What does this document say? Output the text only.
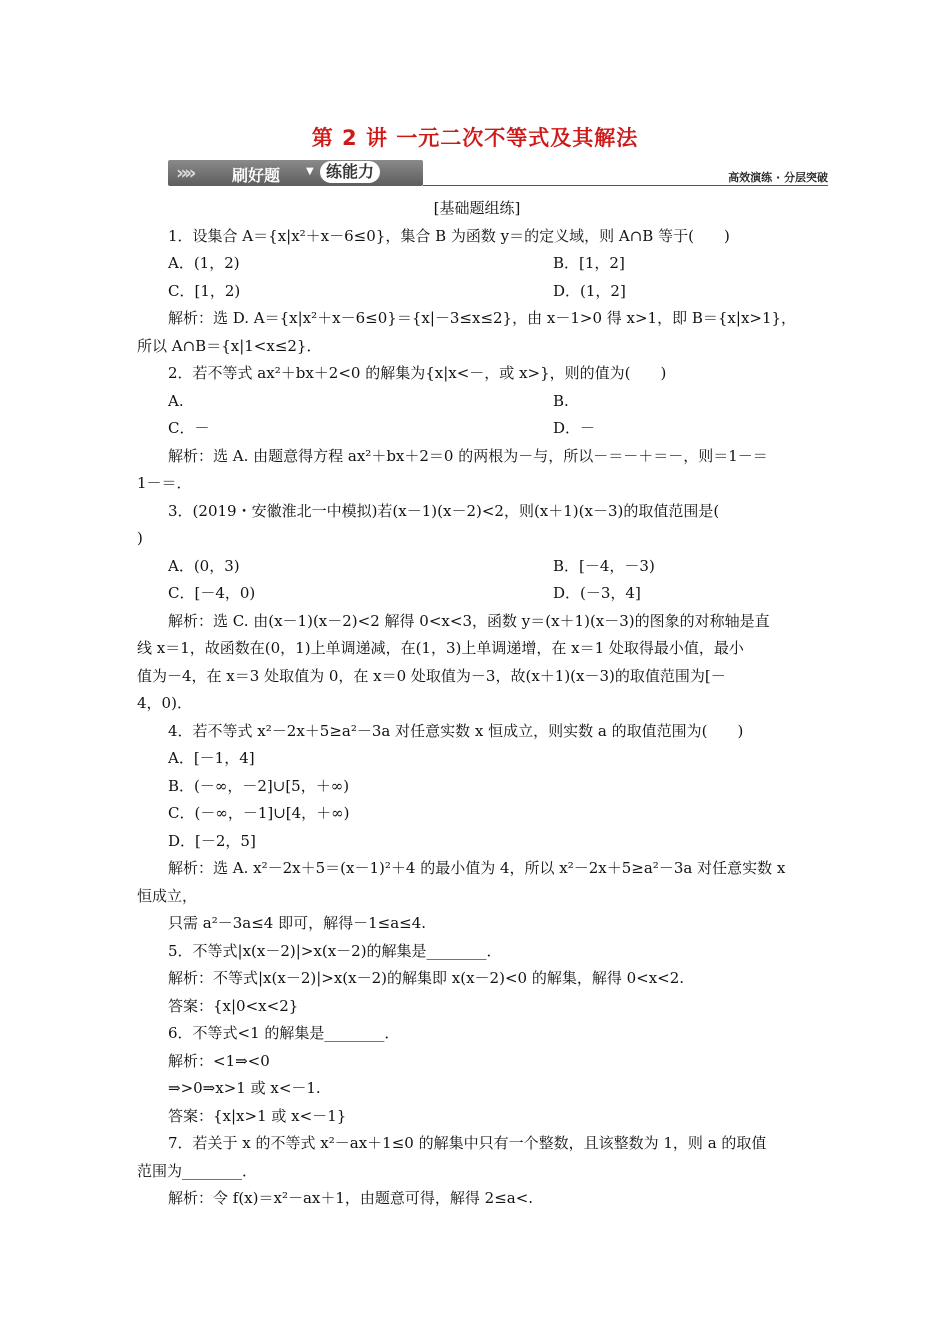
第 2 讲 一元二次不等式及其解法
»» 刷好题	▼ 练能力	高效演练 · 分层突破

[基础题组练]

1．设集合 A＝{x|x²＋x－6≤0}，集合 B 为函数 y＝的定义域，则 A∩B 等于(　　)

A．(1，2)	B．[1，2]
C．[1，2)	D．(1，2]

解析：选 D. A＝{x|x²＋x－6≤0}＝{x|－3≤x≤2}，由 x－1>0 得 x>1，即 B＝{x|x>1}，

所以 A∩B＝{x|1<x≤2}．

2．若不等式 ax²＋bx＋2<0 的解集为{x|x<－，或 x>}，则的值为(　　)

A.	B.
C．－	D．－

解析：选 A. 由题意得方程 ax²＋bx＋2＝0 的两根为－与，所以－＝－＋＝－，则＝1－＝

1－＝．

3．(2019・安徽淮北一中模拟)若(x－1)(x－2)<2，则(x＋1)(x－3)的取值范围是(

)

A．(0，3)	B．[－4，－3)
C．[－4，0)	D．(－3，4]

解析：选 C. 由(x－1)(x－2)<2 解得 0<x<3，函数 y＝(x＋1)(x－3)的图象的对称轴是直

线 x＝1，故函数在(0，1)上单调递减，在(1，3)上单调递增，在 x＝1 处取得最小值，最小

值为－4，在 x＝3 处取值为 0，在 x＝0 处取值为－3，故(x＋1)(x－3)的取值范围为[－

4，0)．

4．若不等式 x²－2x＋5≥a²－3a 对任意实数 x 恒成立，则实数 a 的取值范围为(　　)

A．[－1，4]

B．(－∞，－2]∪[5，＋∞)

C．(－∞，－1]∪[4，＋∞)

D．[－2，5]

解析：选 A. x²－2x＋5＝(x－1)²＋4 的最小值为 4，所以 x²－2x＋5≥a²－3a 对任意实数 x

恒成立，

只需 a²－3a≤4 即可，解得－1≤a≤4.

5．不等式|x(x－2)|>x(x－2)的解集是________．

解析：不等式|x(x－2)|>x(x－2)的解集即 x(x－2)<0 的解集，解得 0<x<2.

答案：{x|0<x<2}

6．不等式<1 的解集是________．

解析：<1⇒<0

⇒>0⇒x>1 或 x<－1.

答案：{x|x>1 或 x<－1}

7．若关于 x 的不等式 x²－ax＋1≤0 的解集中只有一个整数，且该整数为 1，则 a 的取值

范围为________．

解析：令 f(x)＝x²－ax＋1，由题意可得，解得 2≤a<.
